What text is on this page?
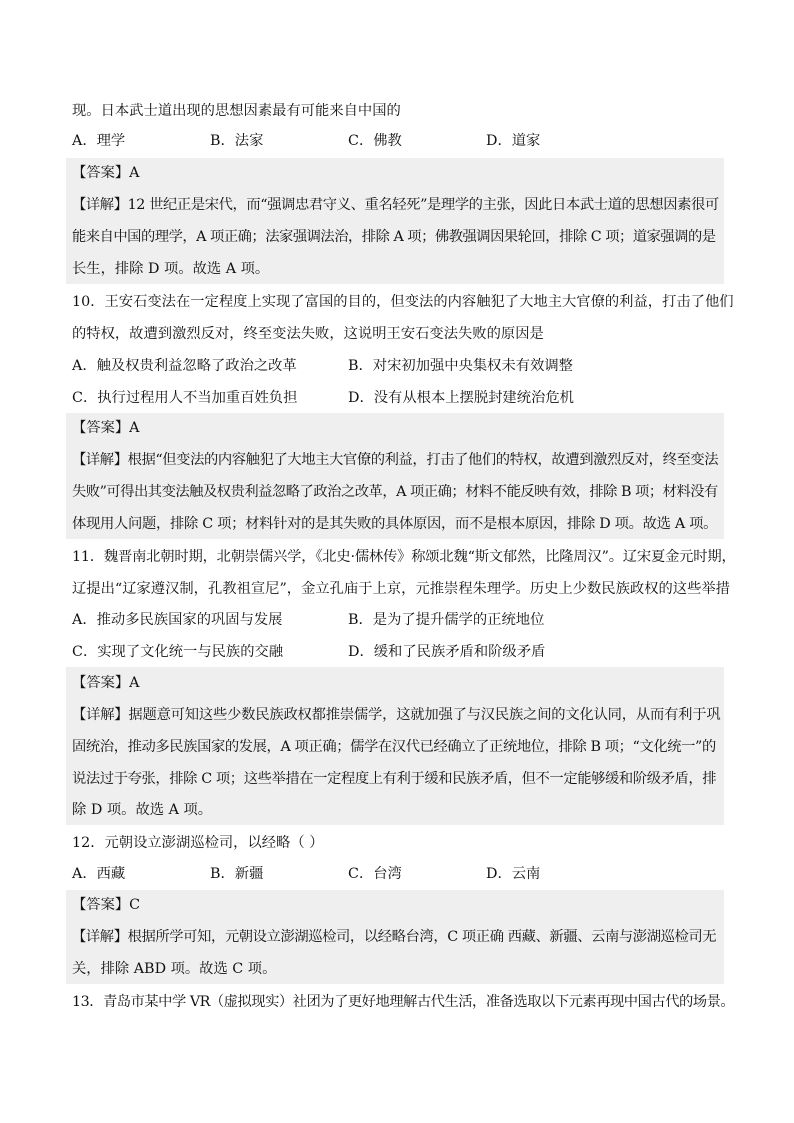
现。日本武士道出现的思想因素最有可能来自中国的
A．理学	B．法家	C．佛教	D．道家
【答案】A
【详解】12 世纪正是宋代，而“强调忠君守义、重名轻死”是理学的主张，因此日本武士道的思想因素很可
能来自中国的理学，A 项正确；法家强调法治，排除 A 项；佛教强调因果轮回，排除 C 项；道家强调的是
长生，排除 D 项。故选 A 项。
10．王安石变法在一定程度上实现了富国的目的，但变法的内容触犯了大地主大官僚的利益，打击了他们
的特权，故遭到激烈反对，终至变法失败，这说明王安石变法失败的原因是
A．触及权贵利益忽略了政治之改革	B．对宋初加强中央集权未有效调整
C．执行过程用人不当加重百姓负担	D．没有从根本上摆脱封建统治危机
【答案】A
【详解】根据“但变法的内容触犯了大地主大官僚的利益，打击了他们的特权，故遭到激烈反对，终至变法
失败”可得出其变法触及权贵利益忽略了政治之改革，A 项正确；材料不能反映有效，排除 B 项；材料没有
体现用人问题，排除 C 项；材料针对的是其失败的具体原因，而不是根本原因，排除 D 项。故选 A 项。
11．魏晋南北朝时期，北朝崇儒兴学，《北史·儒林传》称颂北魏“斯文郁然，比隆周汉”。辽宋夏金元时期，
辽提出“辽家遵汉制，孔教祖宣尼”，金立孔庙于上京，元推崇程朱理学。历史上少数民族政权的这些举措
A．推动多民族国家的巩固与发展	B．是为了提升儒学的正统地位
C．实现了文化统一与民族的交融	D．缓和了民族矛盾和阶级矛盾
【答案】A
【详解】据题意可知这些少数民族政权都推崇儒学，这就加强了与汉民族之间的文化认同，从而有利于巩
固统治，推动多民族国家的发展，A 项正确；儒学在汉代已经确立了正统地位，排除 B 项；“文化统一”的
说法过于夸张，排除 C 项；这些举措在一定程度上有利于缓和民族矛盾，但不一定能够缓和阶级矛盾，排
除 D 项。故选 A 项。
12．元朝设立澎湖巡检司，以经略（ ）
A．西藏	B．新疆	C．台湾	D．云南
【答案】C
【详解】根据所学可知，元朝设立澎湖巡检司，以经略台湾，C 项正确 西藏、新疆、云南与澎湖巡检司无
关，排除 ABD 项。故选 C 项。
13．青岛市某中学 VR（虚拟现实）社团为了更好地理解古代生活，准备选取以下元素再现中国古代的场景。
